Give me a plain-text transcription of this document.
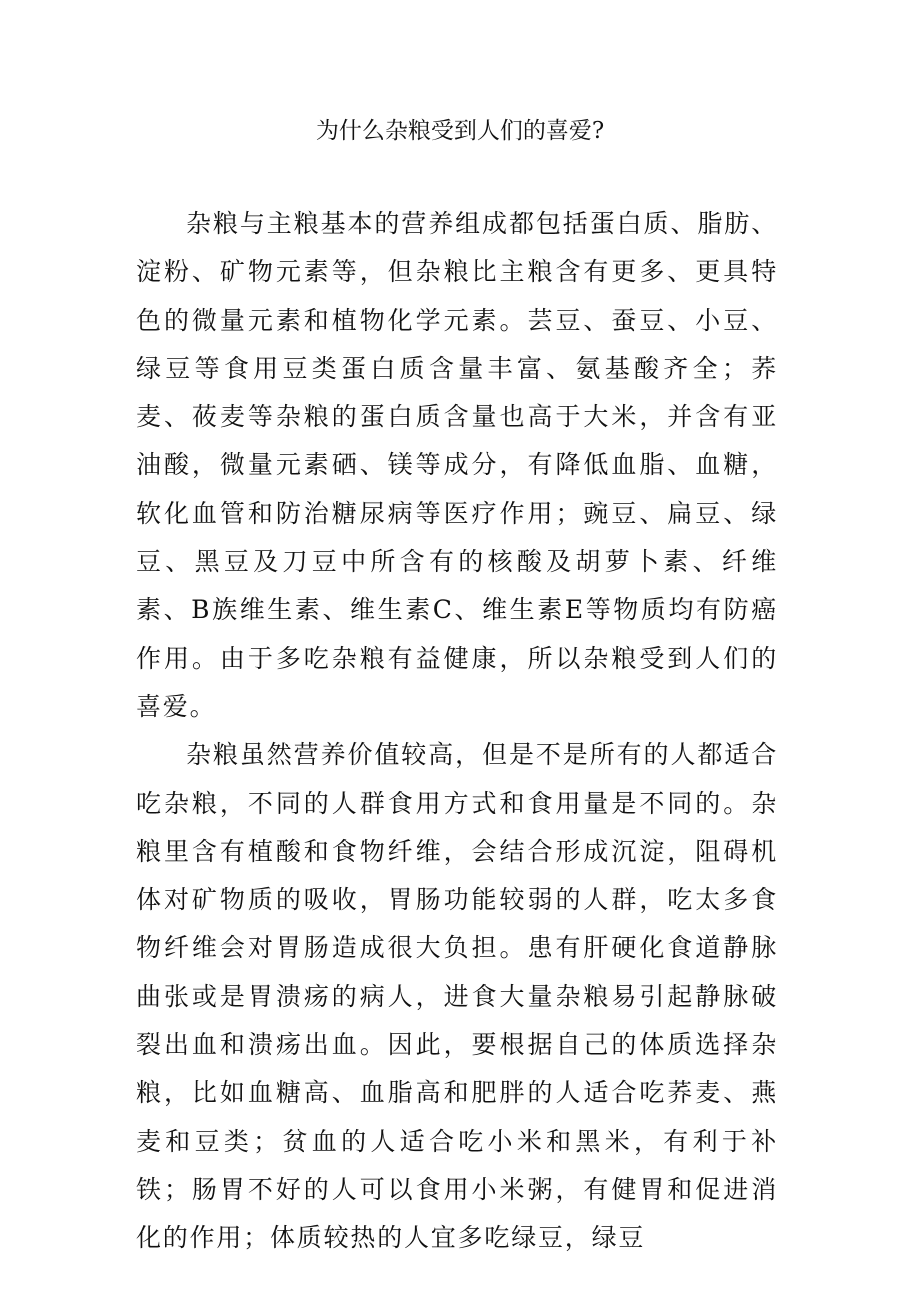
为什么杂粮受到人们的喜爱?

杂粮与主粮基本的营养组成都包括蛋白质、脂肪、淀粉、矿物元素等，但杂粮比主粮含有更多、更具特色的微量元素和植物化学元素。芸豆、蚕豆、小豆、绿豆等食用豆类蛋白质含量丰富、氨基酸齐全；荞麦、莜麦等杂粮的蛋白质含量也高于大米，并含有亚油酸，微量元素硒、镁等成分，有降低血脂、血糖，软化血管和防治糖尿病等医疗作用；豌豆、扁豆、绿豆、黑豆及刀豆中所含有的核酸及胡萝卜素、纤维素、B族维生素、维生素C、维生素E等物质均有防癌作用。由于多吃杂粮有益健康，所以杂粮受到人们的喜爱。

杂粮虽然营养价值较高，但是不是所有的人都适合吃杂粮，不同的人群食用方式和食用量是不同的。杂粮里含有植酸和食物纤维，会结合形成沉淀，阻碍机体对矿物质的吸收，胃肠功能较弱的人群，吃太多食物纤维会对胃肠造成很大负担。患有肝硬化食道静脉曲张或是胃溃疡的病人，进食大量杂粮易引起静脉破裂出血和溃疡出血。因此，要根据自己的体质选择杂粮，比如血糖高、血脂高和肥胖的人适合吃荞麦、燕麦和豆类；贫血的人适合吃小米和黑米，有利于补铁；肠胃不好的人可以食用小米粥，有健胃和促进消化的作用；体质较热的人宜多吃绿豆，绿豆
